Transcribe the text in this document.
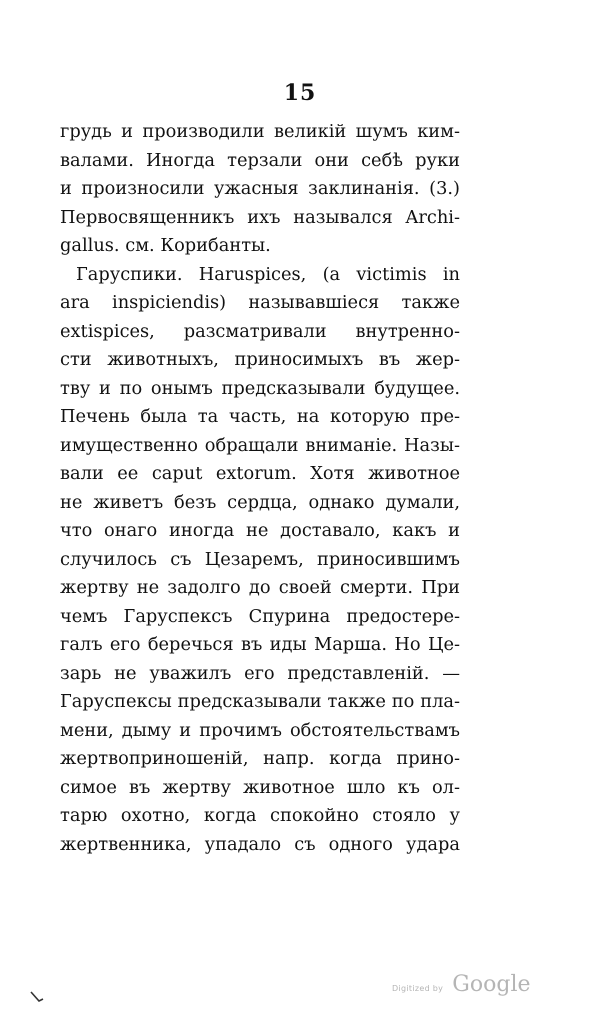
15
грудь и производили великій шумъ ким-
валами. Иногда терзали они себѣ руки
и произносили ужасныя заклинанія. (3.)
Первосвященникъ ихъ назывался Archi-
gallus. см. Корибанты.
Гаруспики. Haruspices, (a victimis in
ara inspiciendis) называвшіеся также
extispices, разсматривали внутренно-
сти животныхъ, приносимыхъ въ жер-
тву и по онымъ предсказывали будущее.
Печень была та часть, на которую пре-
имущественно обращали вниманіе. Назы-
вали ее caput extorum. Хотя животное
не живетъ безъ сердца, однако думали,
что онаго иногда не доставало, какъ и
случилось съ Цезаремъ, приносившимъ
жертву не задолго до своей смерти. При
чемъ Гаруспексъ Спурина предостере-
галъ его беречься въ иды Марша. Но Це-
зарь не уважилъ его представленій. —
Гаруспексы предсказывали также по пла-
мени, дыму и прочимъ обстоятельствамъ
жертвоприношеній, напр. когда прино-
симое въ жертву животное шло къ ол-
тарю охотно, когда спокойно стояло у
жертвенника, упадало съ одного удара
Digitized by Google
